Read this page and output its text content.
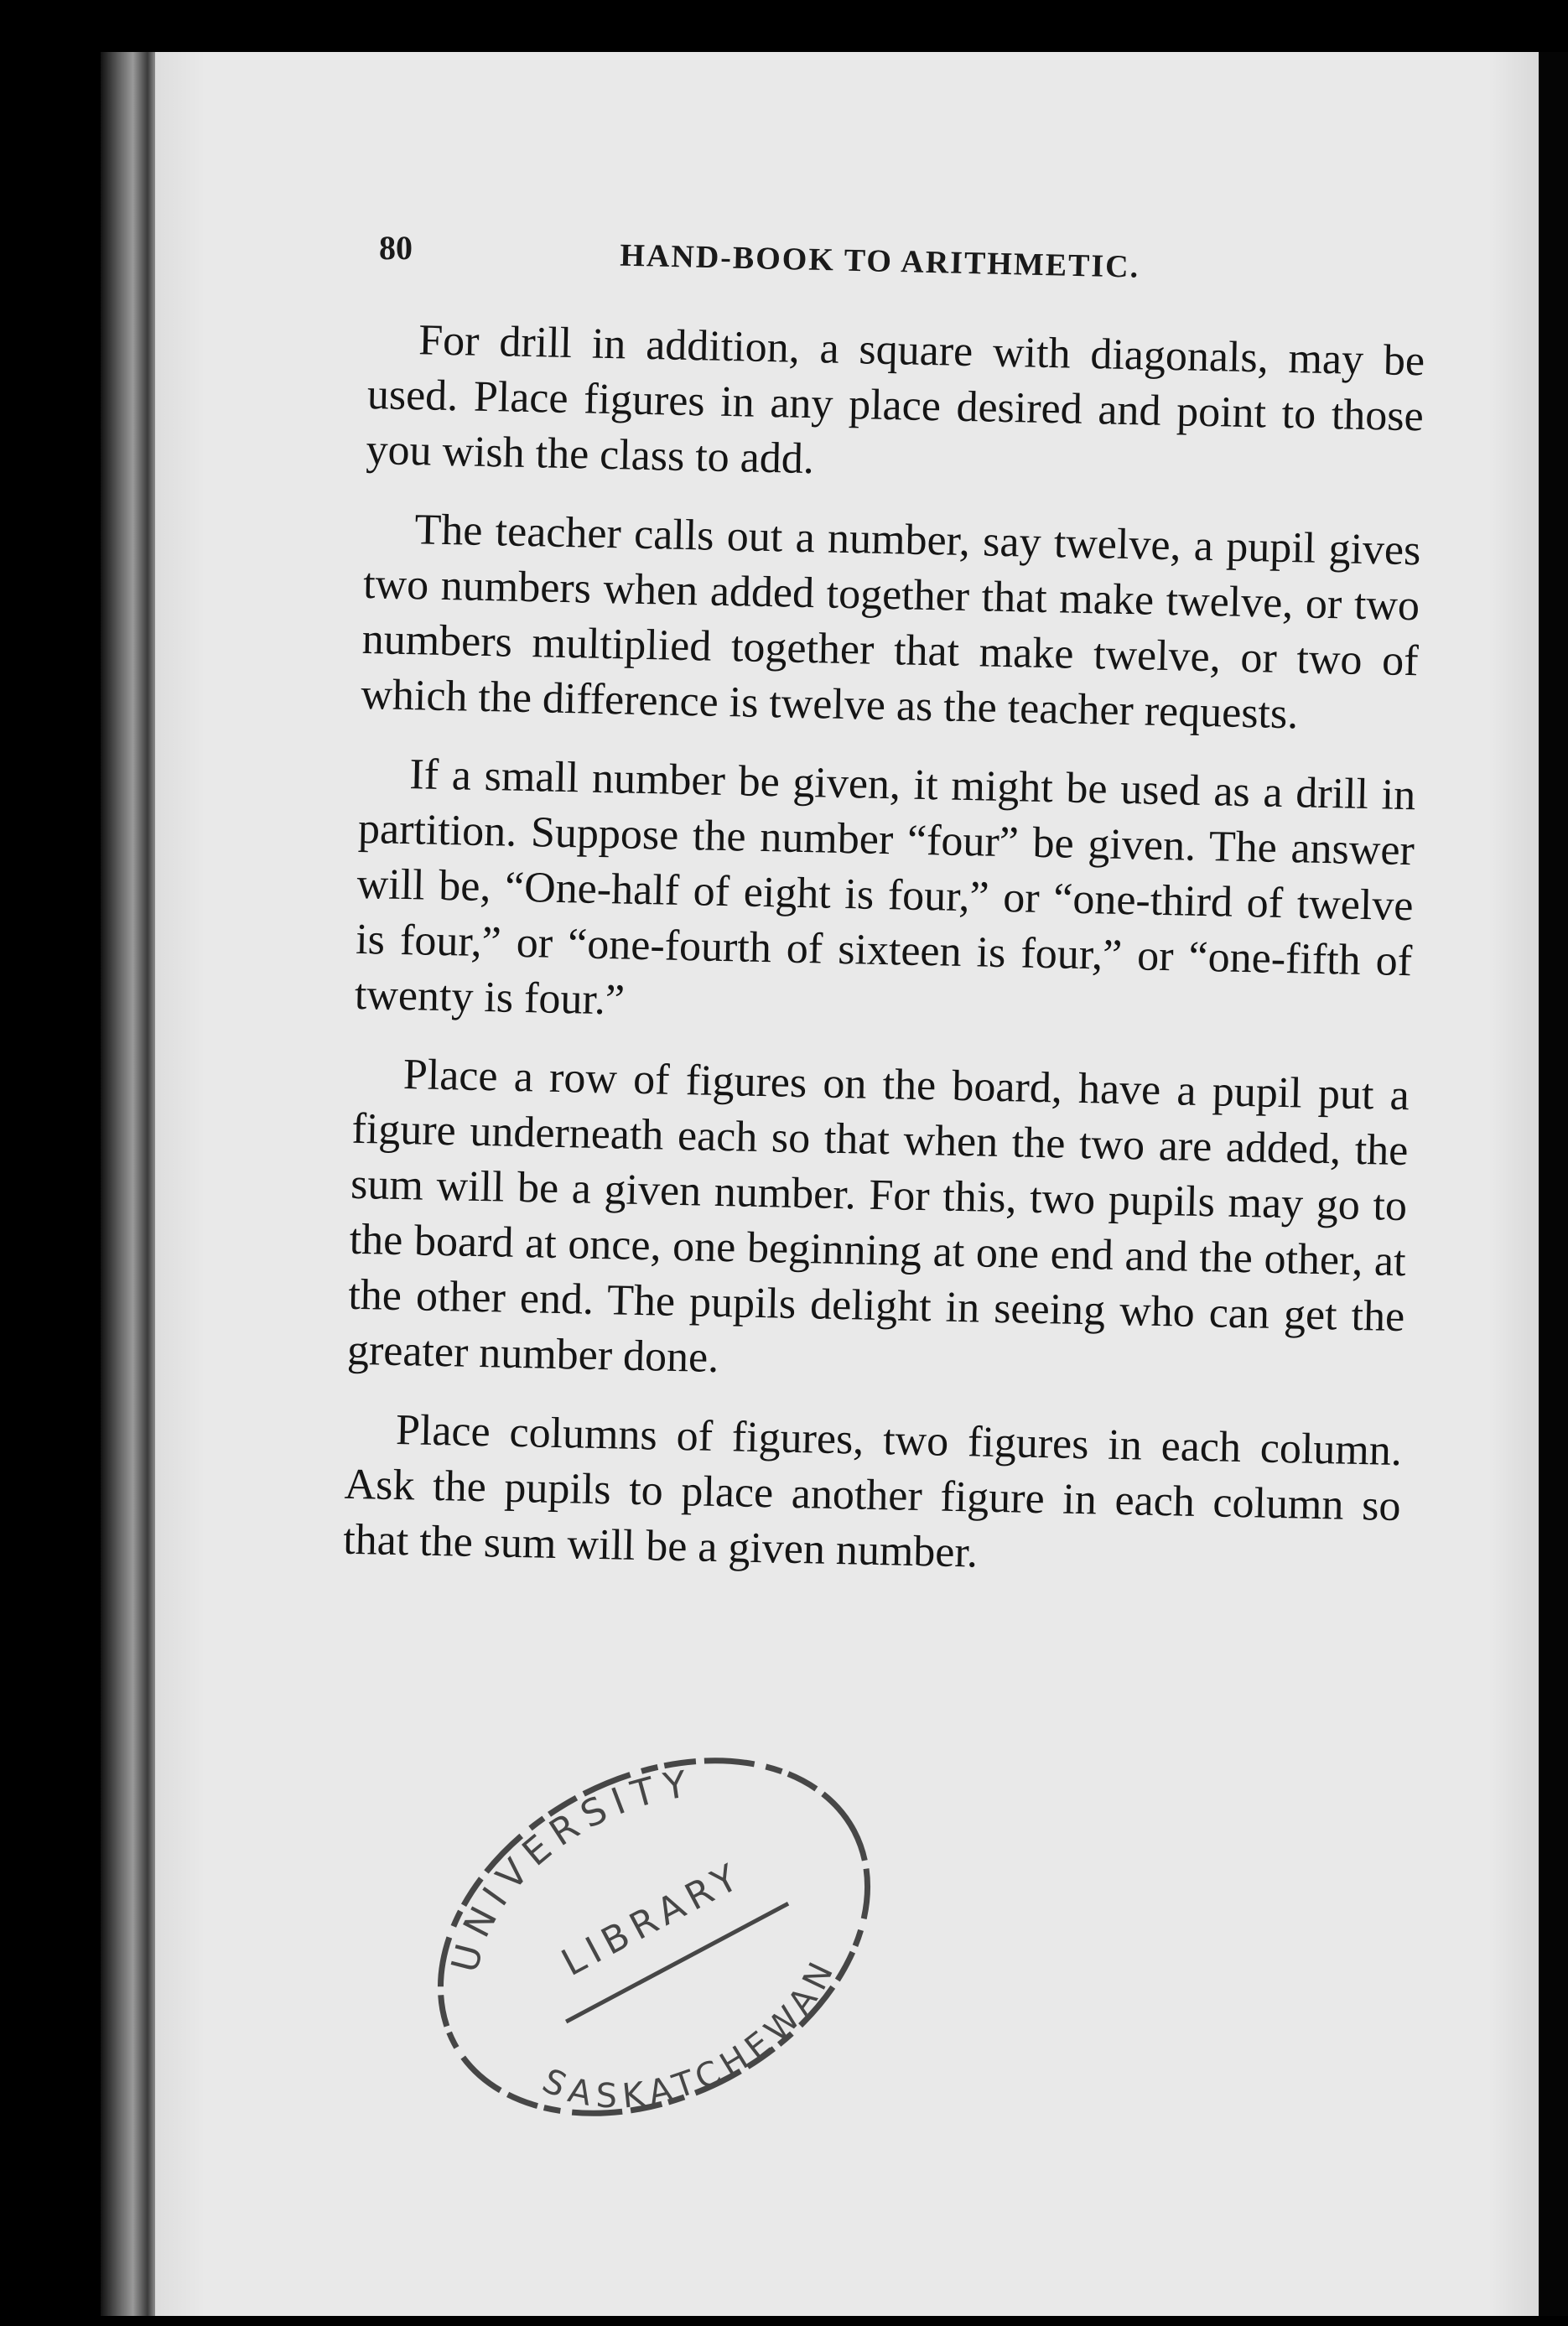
80	HAND-BOOK TO ARITHMETIC.

For drill in addition, a square with diagonals, may be used. Place figures in any place desired and point to those you wish the class to add.

The teacher calls out a number, say twelve, a pupil gives two numbers when added together that make twelve, or two numbers multiplied together that make twelve, or two of which the difference is twelve as the teacher requests.

If a small number be given, it might be used as a drill in partition. Suppose the number “four” be given. The answer will be, “One-half of eight is four,” or “one-third of twelve is four,” or “one-fourth of sixteen is four,” or “one-fifth of twenty is four.”

Place a row of figures on the board, have a pupil put a figure underneath each so that when the two are added, the sum will be a given number. For this, two pupils may go to the board at once, one beginning at one end and the other, at the other end. The pupils delight in seeing who can get the greater number done.

Place columns of figures, two figures in each column. Ask the pupils to place another figure in each column so that the sum will be a given number.

UNIVERSITY
LIBRARY
SASKATCHEWAN
